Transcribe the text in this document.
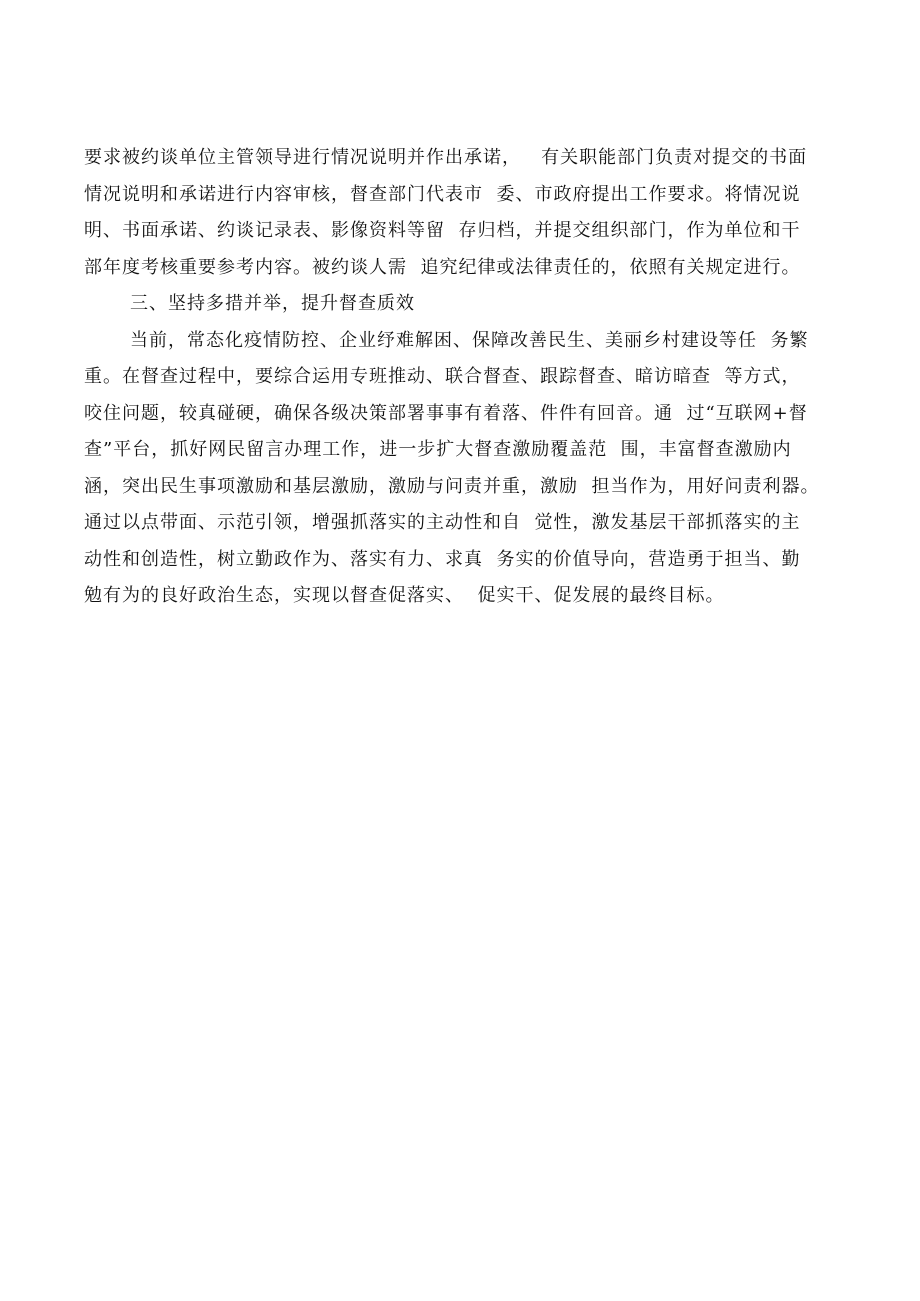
要求被约谈单位主管领导进行情况说明并作出承诺，   有关职能部门负责对提交的书面
情况说明和承诺进行内容审核，督查部门代表市  委、市政府提出工作要求。将情况说
明、书面承诺、约谈记录表、影像资料等留  存归档，并提交组织部门，作为单位和干
部年度考核重要参考内容。被约谈人需  追究纪律或法律责任的，依照有关规定进行。
三、坚持多措并举，提升督查质效
当前，常态化疫情防控、企业纾难解困、保障改善民生、美丽乡村建设等任  务繁
重。在督查过程中，要综合运用专班推动、联合督查、跟踪督查、暗访暗查  等方式，
咬住问题，较真碰硬，确保各级决策部署事事有着落、件件有回音。通  过“互联网+督
查”平台，抓好网民留言办理工作，进一步扩大督查激励覆盖范  围，丰富督查激励内
涵，突出民生事项激励和基层激励，激励与问责并重，激励  担当作为，用好问责利器。
通过以点带面、示范引领，增强抓落实的主动性和自  觉性，激发基层干部抓落实的主
动性和创造性，树立勤政作为、落实有力、求真  务实的价值导向，营造勇于担当、勤
勉有为的良好政治生态，实现以督查促落实、  促实干、促发展的最终目标。
